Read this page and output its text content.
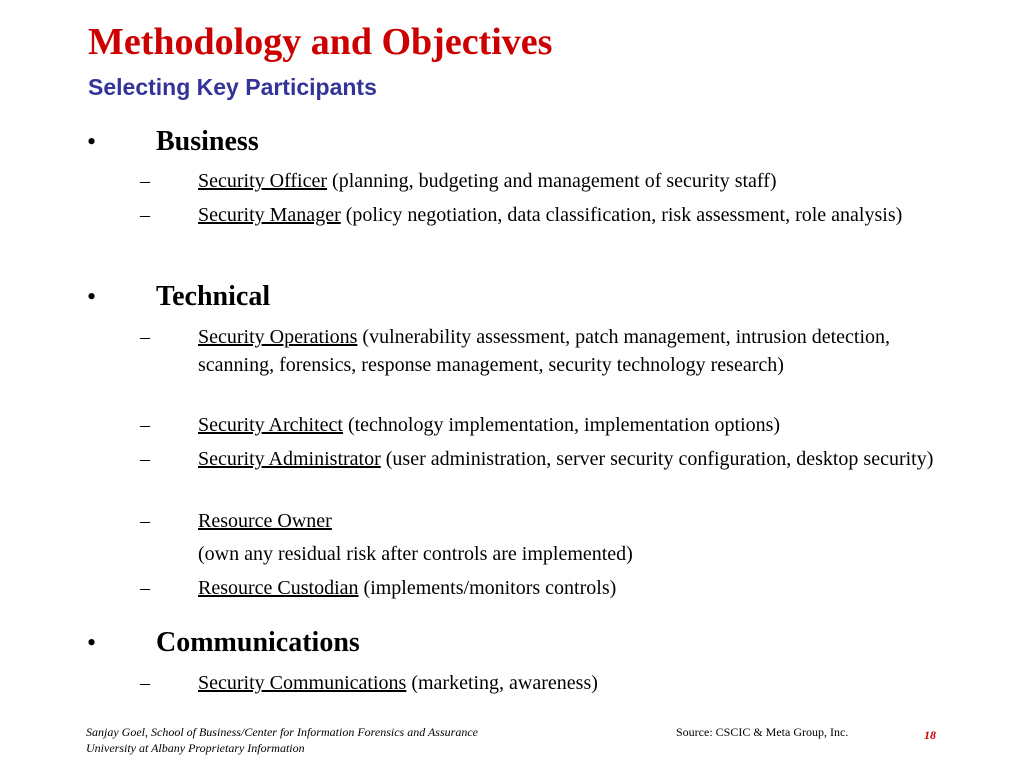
Methodology and Objectives
Selecting Key Participants
• Business
– Security Officer (planning, budgeting and management of security staff)
– Security Manager (policy negotiation, data classification, risk assessment, role analysis)
• Technical
– Security Operations (vulnerability assessment, patch management, intrusion detection, scanning, forensics, response management, security technology research)
– Security Architect (technology implementation, implementation options)
– Security Administrator (user administration, server security configuration, desktop security)
– Resource Owner
(own any residual risk after controls are implemented)
– Resource Custodian (implements/monitors controls)
• Communications
– Security Communications (marketing, awareness)
Sanjay Goel, School of Business/Center for Information Forensics and Assurance
University at Albany Proprietary Information
Source: CSCIC & Meta Group, Inc.	18
